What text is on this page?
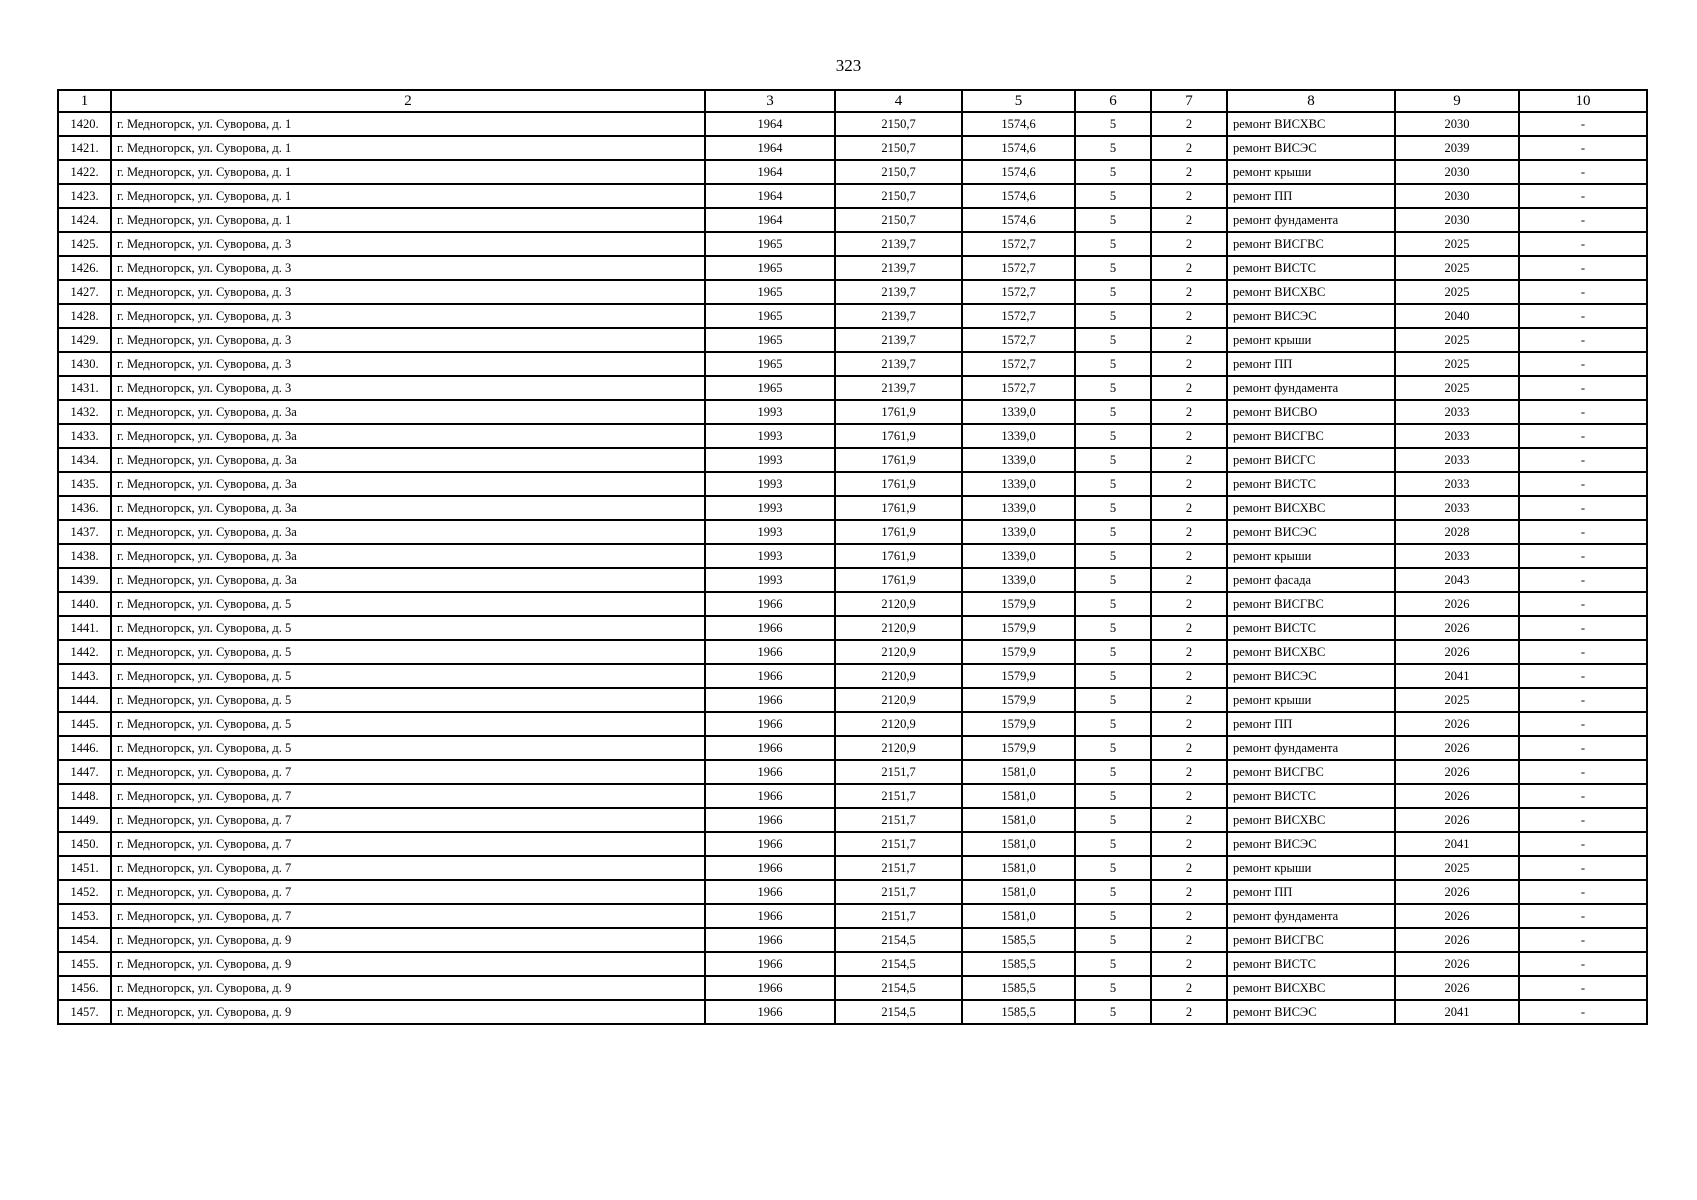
323
1	2	3	4	5	6	7	8	9	10
1420.	г. Медногорск, ул. Суворова, д. 1	1964	2150,7	1574,6	5	2	ремонт ВИСХВС	2030	-
1421.	г. Медногорск, ул. Суворова, д. 1	1964	2150,7	1574,6	5	2	ремонт ВИСЭС	2039	-
1422.	г. Медногорск, ул. Суворова, д. 1	1964	2150,7	1574,6	5	2	ремонт крыши	2030	-
1423.	г. Медногорск, ул. Суворова, д. 1	1964	2150,7	1574,6	5	2	ремонт ПП	2030	-
1424.	г. Медногорск, ул. Суворова, д. 1	1964	2150,7	1574,6	5	2	ремонт фундамента	2030	-
1425.	г. Медногорск, ул. Суворова, д. 3	1965	2139,7	1572,7	5	2	ремонт ВИСГВС	2025	-
1426.	г. Медногорск, ул. Суворова, д. 3	1965	2139,7	1572,7	5	2	ремонт ВИСТС	2025	-
1427.	г. Медногорск, ул. Суворова, д. 3	1965	2139,7	1572,7	5	2	ремонт ВИСХВС	2025	-
1428.	г. Медногорск, ул. Суворова, д. 3	1965	2139,7	1572,7	5	2	ремонт ВИСЭС	2040	-
1429.	г. Медногорск, ул. Суворова, д. 3	1965	2139,7	1572,7	5	2	ремонт крыши	2025	-
1430.	г. Медногорск, ул. Суворова, д. 3	1965	2139,7	1572,7	5	2	ремонт ПП	2025	-
1431.	г. Медногорск, ул. Суворова, д. 3	1965	2139,7	1572,7	5	2	ремонт фундамента	2025	-
1432.	г. Медногорск, ул. Суворова, д. 3а	1993	1761,9	1339,0	5	2	ремонт ВИСВО	2033	-
1433.	г. Медногорск, ул. Суворова, д. 3а	1993	1761,9	1339,0	5	2	ремонт ВИСГВС	2033	-
1434.	г. Медногорск, ул. Суворова, д. 3а	1993	1761,9	1339,0	5	2	ремонт ВИСГС	2033	-
1435.	г. Медногорск, ул. Суворова, д. 3а	1993	1761,9	1339,0	5	2	ремонт ВИСТС	2033	-
1436.	г. Медногорск, ул. Суворова, д. 3а	1993	1761,9	1339,0	5	2	ремонт ВИСХВС	2033	-
1437.	г. Медногорск, ул. Суворова, д. 3а	1993	1761,9	1339,0	5	2	ремонт ВИСЭС	2028	-
1438.	г. Медногорск, ул. Суворова, д. 3а	1993	1761,9	1339,0	5	2	ремонт крыши	2033	-
1439.	г. Медногорск, ул. Суворова, д. 3а	1993	1761,9	1339,0	5	2	ремонт фасада	2043	-
1440.	г. Медногорск, ул. Суворова, д. 5	1966	2120,9	1579,9	5	2	ремонт ВИСГВС	2026	-
1441.	г. Медногорск, ул. Суворова, д. 5	1966	2120,9	1579,9	5	2	ремонт ВИСТС	2026	-
1442.	г. Медногорск, ул. Суворова, д. 5	1966	2120,9	1579,9	5	2	ремонт ВИСХВС	2026	-
1443.	г. Медногорск, ул. Суворова, д. 5	1966	2120,9	1579,9	5	2	ремонт ВИСЭС	2041	-
1444.	г. Медногорск, ул. Суворова, д. 5	1966	2120,9	1579,9	5	2	ремонт крыши	2025	-
1445.	г. Медногорск, ул. Суворова, д. 5	1966	2120,9	1579,9	5	2	ремонт ПП	2026	-
1446.	г. Медногорск, ул. Суворова, д. 5	1966	2120,9	1579,9	5	2	ремонт фундамента	2026	-
1447.	г. Медногорск, ул. Суворова, д. 7	1966	2151,7	1581,0	5	2	ремонт ВИСГВС	2026	-
1448.	г. Медногорск, ул. Суворова, д. 7	1966	2151,7	1581,0	5	2	ремонт ВИСТС	2026	-
1449.	г. Медногорск, ул. Суворова, д. 7	1966	2151,7	1581,0	5	2	ремонт ВИСХВС	2026	-
1450.	г. Медногорск, ул. Суворова, д. 7	1966	2151,7	1581,0	5	2	ремонт ВИСЭС	2041	-
1451.	г. Медногорск, ул. Суворова, д. 7	1966	2151,7	1581,0	5	2	ремонт крыши	2025	-
1452.	г. Медногорск, ул. Суворова, д. 7	1966	2151,7	1581,0	5	2	ремонт ПП	2026	-
1453.	г. Медногорск, ул. Суворова, д. 7	1966	2151,7	1581,0	5	2	ремонт фундамента	2026	-
1454.	г. Медногорск, ул. Суворова, д. 9	1966	2154,5	1585,5	5	2	ремонт ВИСГВС	2026	-
1455.	г. Медногорск, ул. Суворова, д. 9	1966	2154,5	1585,5	5	2	ремонт ВИСТС	2026	-
1456.	г. Медногорск, ул. Суворова, д. 9	1966	2154,5	1585,5	5	2	ремонт ВИСХВС	2026	-
1457.	г. Медногорск, ул. Суворова, д. 9	1966	2154,5	1585,5	5	2	ремонт ВИСЭС	2041	-
